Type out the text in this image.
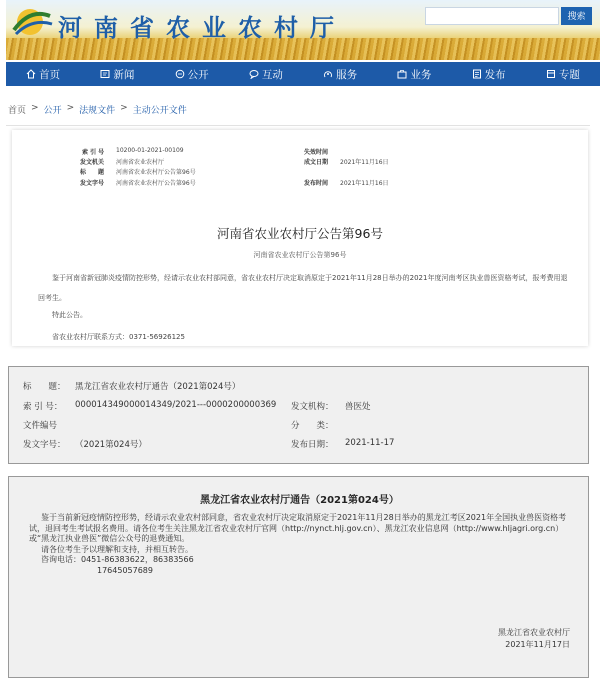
河南省农业农村厅	搜索
首页	新闻	公开	互动	服务	业务	发布	专题
首页 > 公开 > 法规文件 > 主动公开文件
索 引 号 10200-01-2021-00109	失效时间
发文机关 河南省农业农村厅	成文日期 2021年11月16日
标　　题 河南省农业农村厅公告第96号
发文字号 河南省农业农村厅公告第96号	发布时间 2021年11月16日
河南省农业农村厅公告第96号
河南省农业农村厅公告第96号

鉴于河南省新冠肺炎疫情防控形势，经请示农业农村部同意，省农业农村厅决定取消原定于2021年11月28日举办的2021年度河南考区执业兽医资格考试，报考费用退回考生。

特此公告。
省农业农村厅联系方式：0371-56926125
标　　题： 黑龙江省农业农村厅通告（2021第024号）
索 引 号： 000014349000014349/2021---0000200000369 发文机构： 兽医处
文件编号	分　　类：
发文字号： （2021第024号）	发布日期： 2021-11-17
黑龙江省农业农村厅通告（2021第024号）

鉴于当前新冠疫情防控形势，经请示农业农村部同意，省农业农村厅决定取消原定于2021年11月28日举办的黑龙江考区2021年全国执业兽医资格考试，退回考生考试报名费用。请各位考生关注黑龙江省农业农村厅官网（http://nynct.hlj.gov.cn）、黑龙江农业信息网（http://www.hljagri.org.cn）或“黑龙江执业兽医”微信公众号的退费通知。

请各位考生予以理解和支持，并相互转告。

咨询电话：0451-86383622，86383566

17645057689

黑龙江省农业农村厅
2021年11月17日
